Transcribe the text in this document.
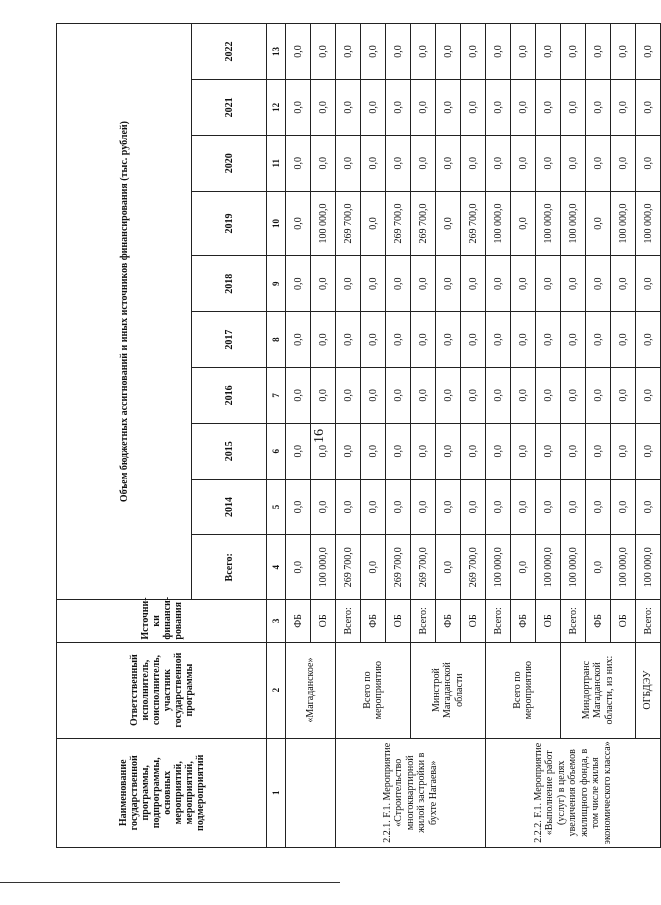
16
Наименование государственной программы, подпрограммы, основных мероприятий, мероприятий, подмероприятий	Ответственный исполнитель, соисполнитель, участник государственной программы	Источни-ки финанси-рования	Объем бюджетных ассигнований и иных источников финансирования (тыс. рублей)									
			Всего:	2014	2015	2016	2017	2018	2019	2020	2021	2022
1	2	3	4	5	6	7	8	9	10	11	12	13
	«Магаданское»	ФБ	0,0	0,0	0,0	0,0	0,0	0,0	0,0	0,0	0,0	0,0
		ОБ	100 000,0	0,0	0,0	0,0	0,0	0,0	100 000,0	0,0	0,0	0,0
2.2.1. F.1. Мероприятие «Строительство многоквартирной жилой застройки в бухте Нагаева»	Всего по мероприятию	Всего:	269 700,0	0,0	0,0	0,0	0,0	0,0	269 700,0	0,0	0,0	0,0
		ФБ	0,0	0,0	0,0	0,0	0,0	0,0	0,0	0,0	0,0	0,0
		ОБ	269 700,0	0,0	0,0	0,0	0,0	0,0	269 700,0	0,0	0,0	0,0
	Минстрой Магаданской области	Всего:	269 700,0	0,0	0,0	0,0	0,0	0,0	269 700,0	0,0	0,0	0,0
		ФБ	0,0	0,0	0,0	0,0	0,0	0,0	0,0	0,0	0,0	0,0
		ОБ	269 700,0	0,0	0,0	0,0	0,0	0,0	269 700,0	0,0	0,0	0,0
2.2.2. F.1. Мероприятие «Выполнение работ (услуг) в целях увеличения объемов жилищного фонда, в том числе жилья экономического класса»	Всего по мероприятию	Всего:	100 000,0	0,0	0,0	0,0	0,0	0,0	100 000,0	0,0	0,0	0,0
		ФБ	0,0	0,0	0,0	0,0	0,0	0,0	0,0	0,0	0,0	0,0
		ОБ	100 000,0	0,0	0,0	0,0	0,0	0,0	100 000,0	0,0	0,0	0,0
	Миндортранс Магаданской области, из них:	Всего:	100 000,0	0,0	0,0	0,0	0,0	0,0	100 000,0	0,0	0,0	0,0
		ФБ	0,0	0,0	0,0	0,0	0,0	0,0	0,0	0,0	0,0	0,0
		ОБ	100 000,0	0,0	0,0	0,0	0,0	0,0	100 000,0	0,0	0,0	0,0
	ОГБДЭУ	Всего:	100 000,0	0,0	0,0	0,0	0,0	0,0	100 000,0	0,0	0,0	0,0
